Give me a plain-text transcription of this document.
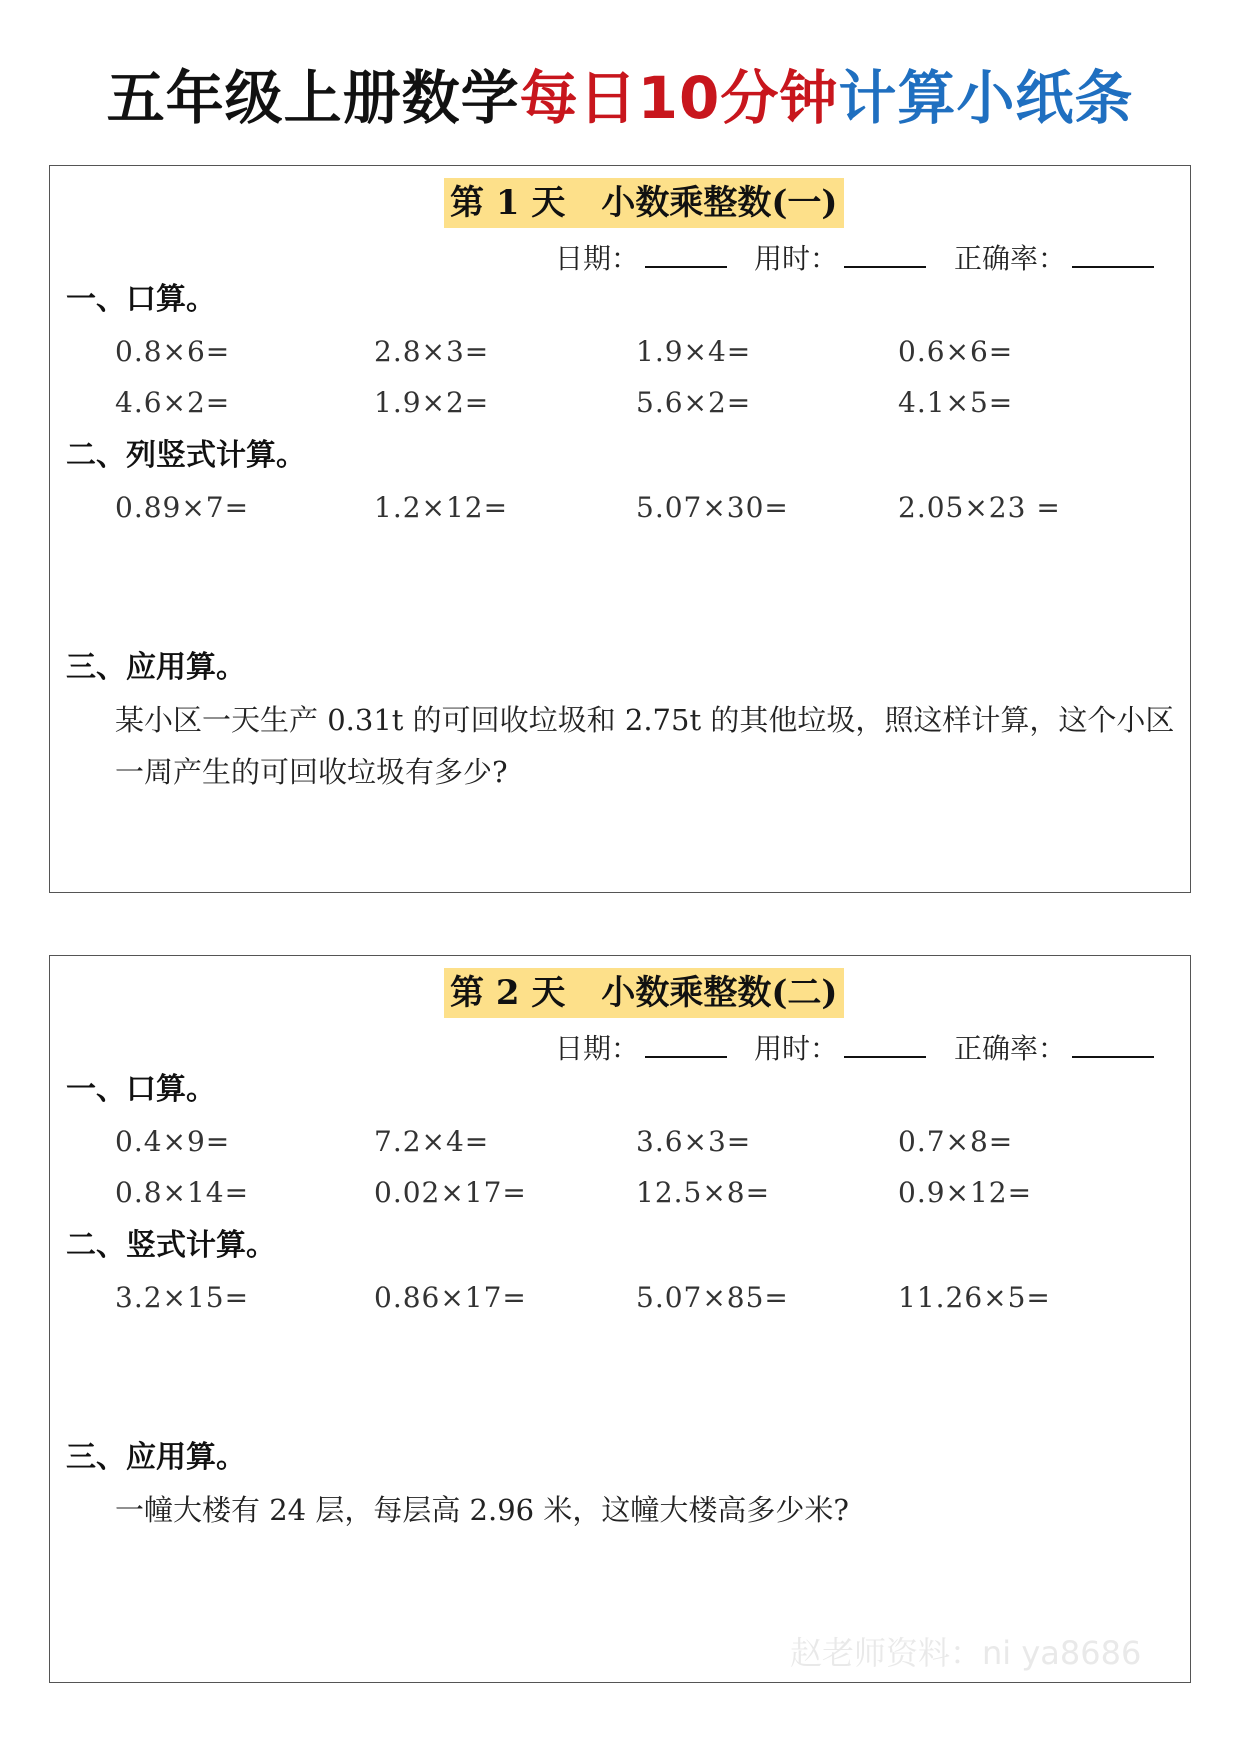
五年级上册数学每日10分钟计算小纸条
第 1 天 小数乘整数(一)
日期：	用时：	正确率：
一、口算。
0.8×6=	2.8×3=	1.9×4=	0.6×6=
4.6×2=	1.9×2=	5.6×2=	4.1×5=
二、列竖式计算。
0.89×7=	1.2×12=	5.07×30=	2.05×23 =
三、应用算。
某小区一天生产 0.31t 的可回收垃圾和 2.75t 的其他垃圾，照这样计算，这个小区一周产生的可回收垃圾有多少?
第 2 天 小数乘整数(二)
日期：	用时：	正确率：
一、口算。
0.4×9=	7.2×4=	3.6×3=	0.7×8=
0.8×14=	0.02×17=	12.5×8=	0.9×12=
二、竖式计算。
3.2×15=	0.86×17=	5.07×85=	11.26×5=
三、应用算。
一幢大楼有 24 层，每层高 2.96 米，这幢大楼高多少米?
赵老师资料：ni ya8686
